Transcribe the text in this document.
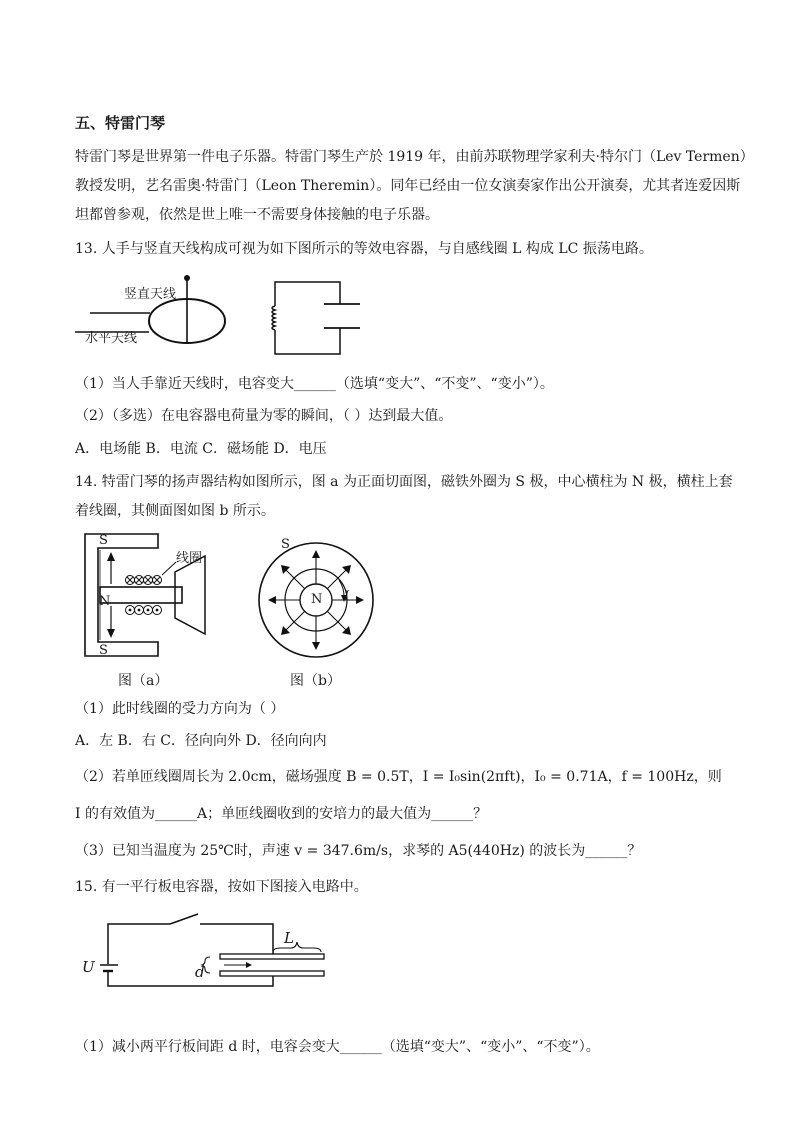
五、特雷门琴
特雷门琴是世界第一件电子乐器。特雷门琴生产於 1919 年，由前苏联物理学家利夫·特尔门（Lev Termen）
教授发明，艺名雷奥·特雷门（Leon Theremin）。同年已经由一位女演奏家作出公开演奏，尤其者连爱因斯
坦都曾参观，依然是世上唯一不需要身体接触的电子乐器。
13. 人手与竖直天线构成可视为如下图所示的等效电容器，与自感线圈 L 构成 LC 振荡电路。
竖直天线
水平天线
（1）当人手靠近天线时，电容变大______（选填“变大”、“不变”、“变小”）。
（2）（多选）在电容器电荷量为零的瞬间，（ ）达到最大值。
A．电场能 B．电流 C．磁场能 D．电压
14. 特雷门琴的扬声器结构如图所示，图 a 为正面切面图，磁铁外圈为 S 极，中心横柱为 N 极，横柱上套
着线圈，其侧面图如图 b 所示。
S
N
S
线圈
S
N I
图（a）	图（b）
（1）此时线圈的受力方向为（ ）
A．左 B．右 C．径向向外 D．径向向内
（2）若单匝线圈周长为 2.0cm，磁场强度 B = 0.5T，I = I₀sin(2πft)，I₀ = 0.71A，f = 100Hz，则
I 的有效值为______A；单匝线圈收到的安培力的最大值为______？
（3）已知当温度为 25℃时，声速 v = 347.6m/s，求琴的 A5(440Hz) 的波长为______？
15. 有一平行板电容器，按如下图接入电路中。
U	d
L
（1）减小两平行板间距 d 时，电容会变大______（选填“变大”、“变小”、“不变”）。
